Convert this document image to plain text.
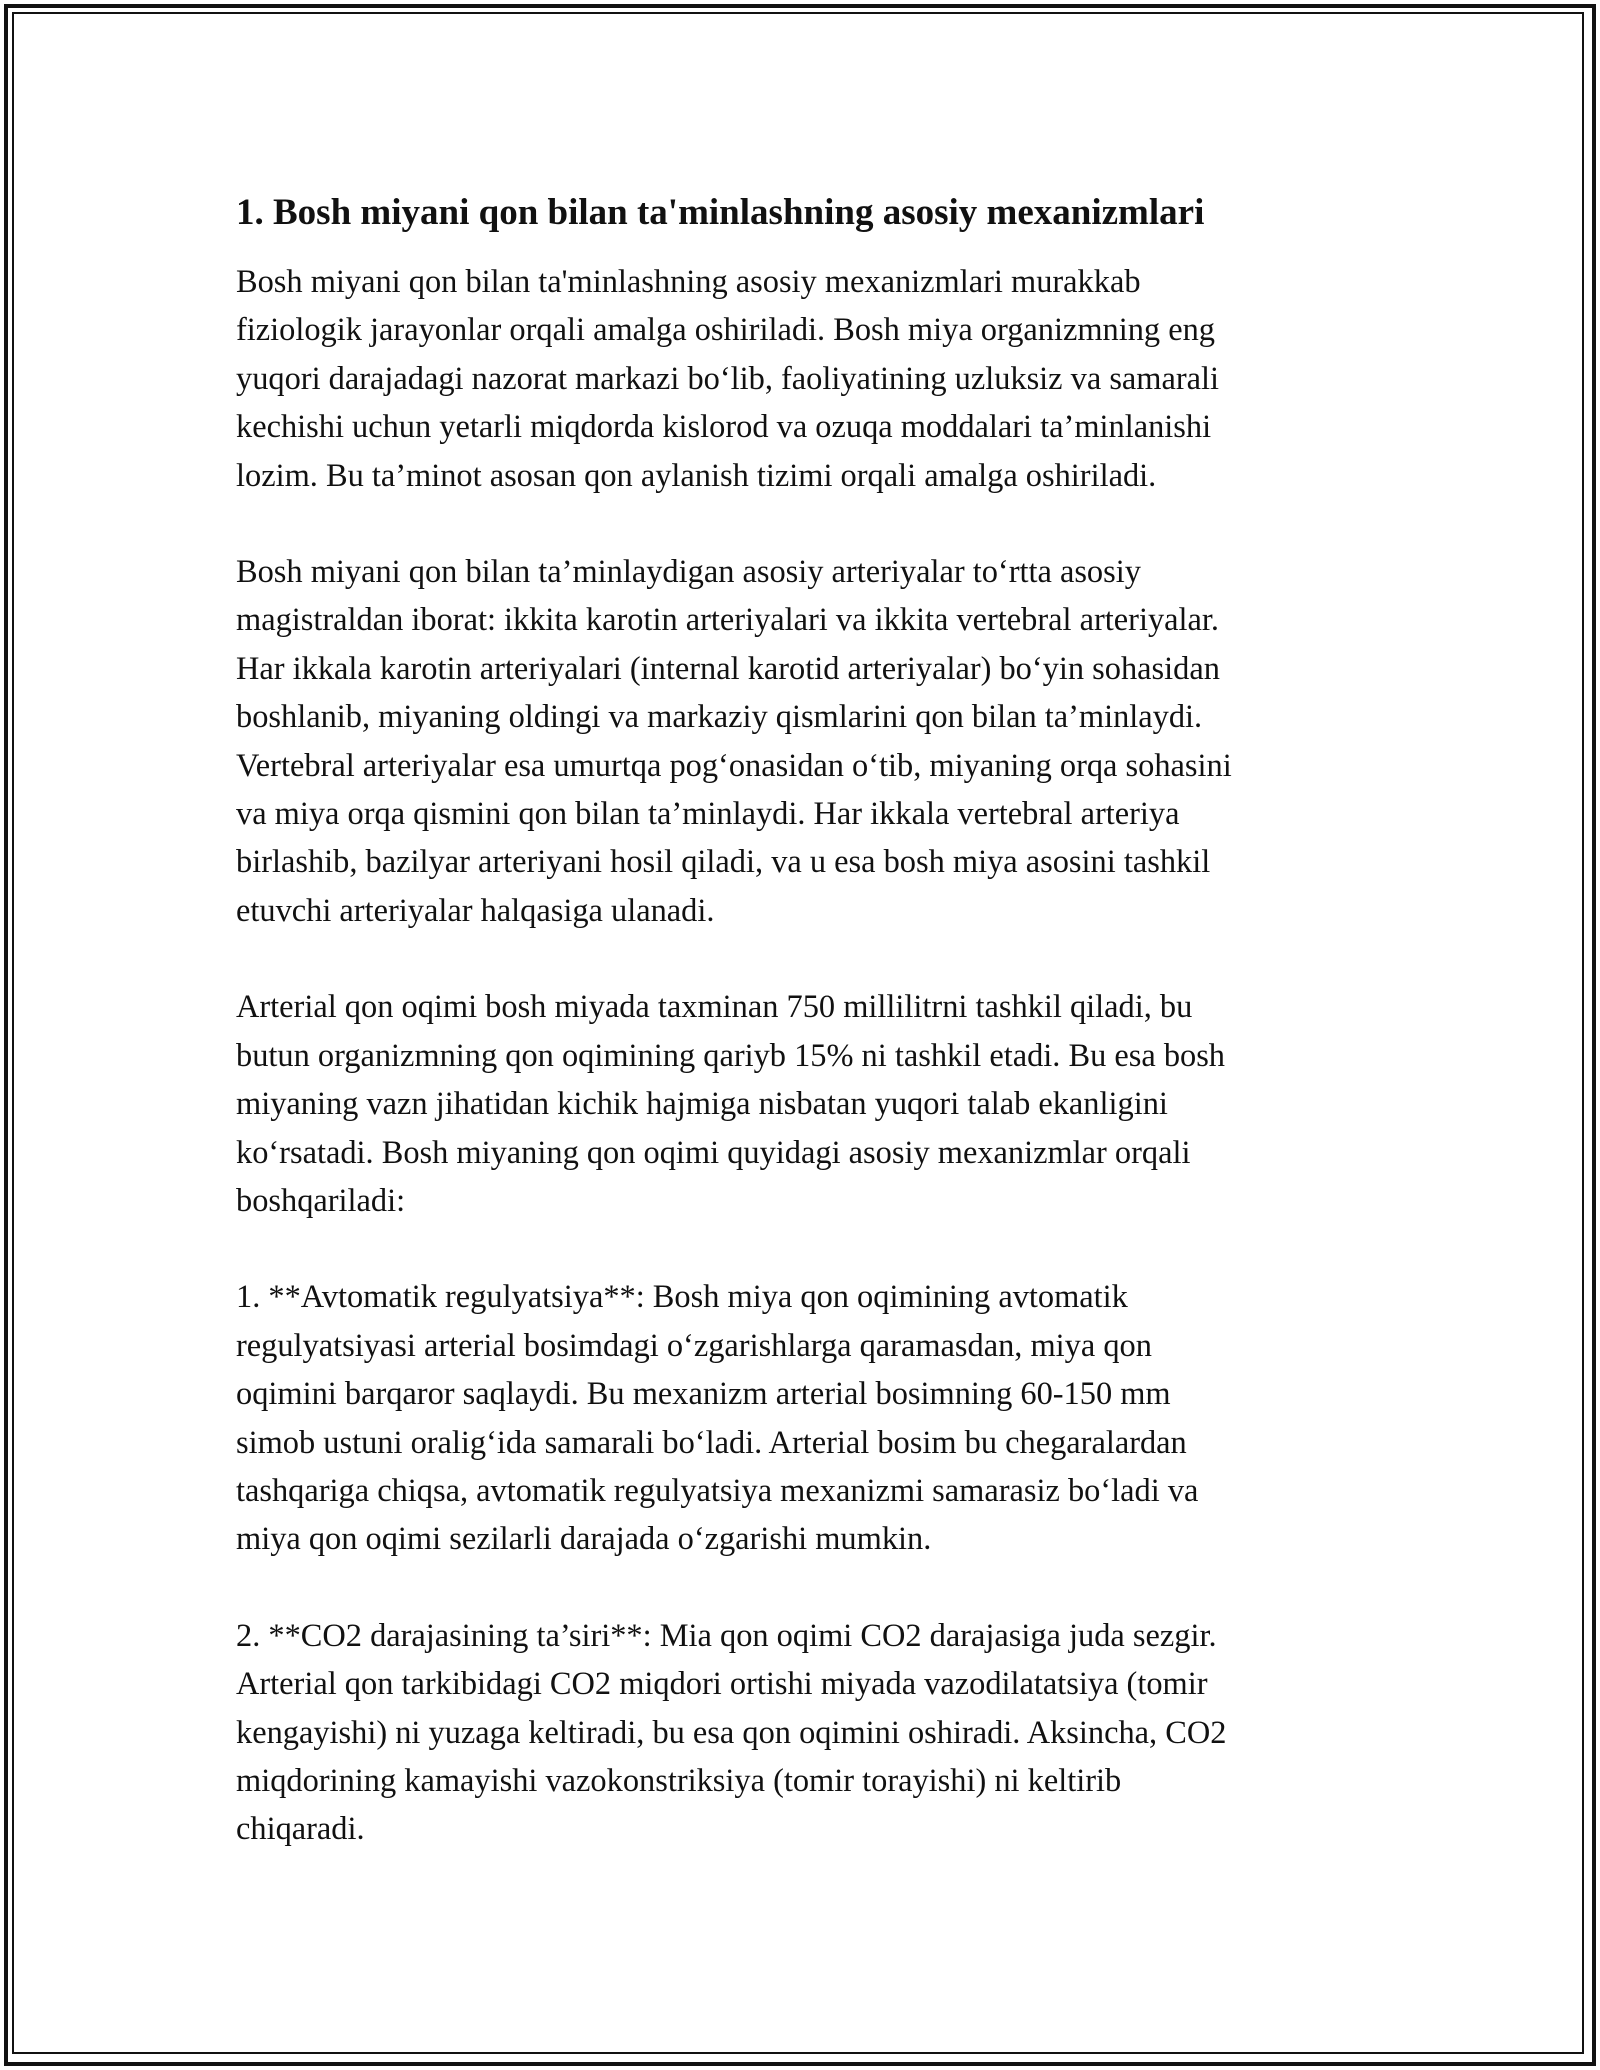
1. Bosh miyani qon bilan ta'minlashning asosiy mexanizmlari

Bosh miyani qon bilan ta'minlashning asosiy mexanizmlari murakkab
fiziologik jarayonlar orqali amalga oshiriladi. Bosh miya organizmning eng
yuqori darajadagi nazorat markazi bo‘lib, faoliyatining uzluksiz va samarali
kechishi uchun yetarli miqdorda kislorod va ozuqa moddalari ta’minlanishi
lozim. Bu ta’minot asosan qon aylanish tizimi orqali amalga oshiriladi.

Bosh miyani qon bilan ta’minlaydigan asosiy arteriyalar to‘rtta asosiy
magistraldan iborat: ikkita karotin arteriyalari va ikkita vertebral arteriyalar.
Har ikkala karotin arteriyalari (internal karotid arteriyalar) bo‘yin sohasidan
boshlanib, miyaning oldingi va markaziy qismlarini qon bilan ta’minlaydi.
Vertebral arteriyalar esa umurtqa pog‘onasidan o‘tib, miyaning orqa sohasini
va miya orqa qismini qon bilan ta’minlaydi. Har ikkala vertebral arteriya
birlashib, bazilyar arteriyani hosil qiladi, va u esa bosh miya asosini tashkil
etuvchi arteriyalar halqasiga ulanadi.

Arterial qon oqimi bosh miyada taxminan 750 millilitrni tashkil qiladi, bu
butun organizmning qon oqimining qariyb 15% ni tashkil etadi. Bu esa bosh
miyaning vazn jihatidan kichik hajmiga nisbatan yuqori talab ekanligini
ko‘rsatadi. Bosh miyaning qon oqimi quyidagi asosiy mexanizmlar orqali
boshqariladi:

1. **Avtomatik regulyatsiya**: Bosh miya qon oqimining avtomatik
regulyatsiyasi arterial bosimdagi o‘zgarishlarga qaramasdan, miya qon
oqimini barqaror saqlaydi. Bu mexanizm arterial bosimning 60-150 mm
simob ustuni oralig‘ida samarali bo‘ladi. Arterial bosim bu chegaralardan
tashqariga chiqsa, avtomatik regulyatsiya mexanizmi samarasiz bo‘ladi va
miya qon oqimi sezilarli darajada o‘zgarishi mumkin.

2. **CO2 darajasining ta’siri**: Mia qon oqimi CO2 darajasiga juda sezgir.
Arterial qon tarkibidagi CO2 miqdori ortishi miyada vazodilatatsiya (tomir
kengayishi) ni yuzaga keltiradi, bu esa qon oqimini oshiradi. Aksincha, CO2
miqdorining kamayishi vazokonstriksiya (tomir torayishi) ni keltirib
chiqaradi.
